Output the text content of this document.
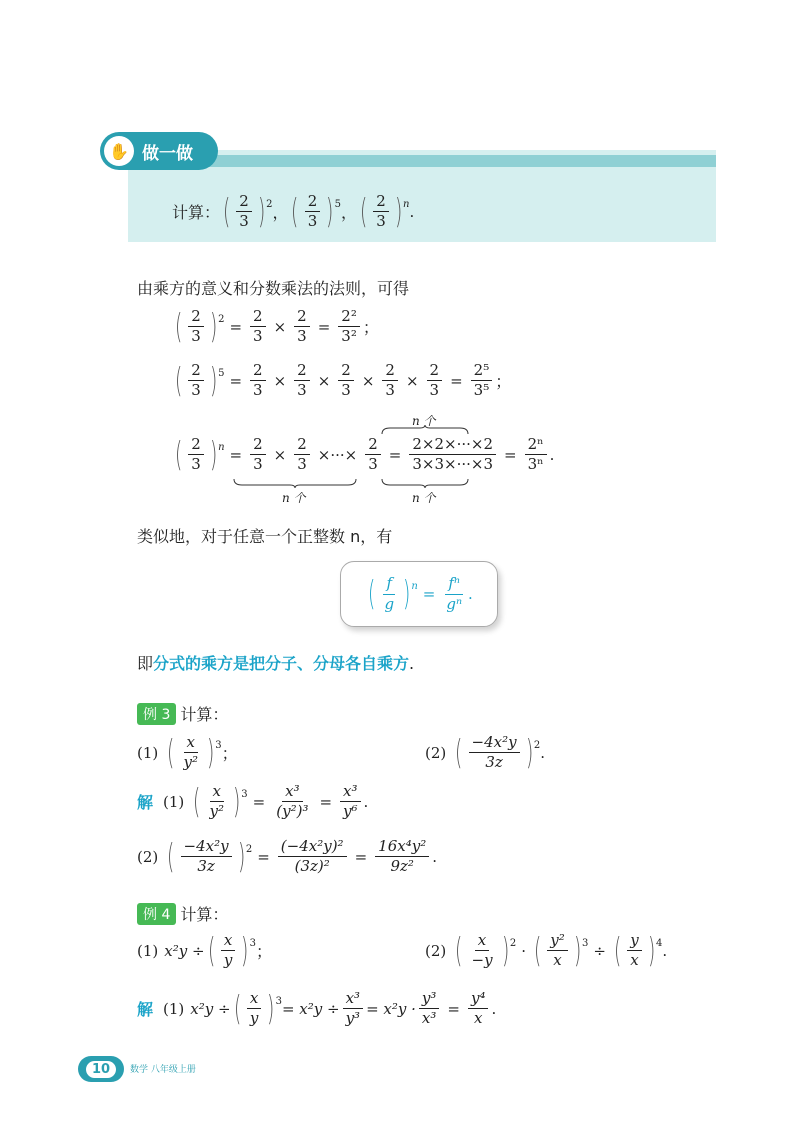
✋ 做一做
计算： ( $\frac{2}{3} )^2$ ， ( $\frac{2}{3} )^5$ ， ( $\frac{2}{3}$ ) $^n$ .
由乘方的意义和分数乘法的法则，可得
( $\frac{2}{3} )^2 = \frac{2}{3} \times \frac{2}{3} = \frac{\text{2²}}{\text{3²}}$ ；
( $\frac{2}{3} )^5 = \frac{2}{3} \times \frac{2}{3} \times \frac{2}{3} \times \frac{2}{3} \times \frac{2}{3} = \frac{\text{2⁵}}{\text{3⁵}}$ ；
n 个
( $\frac{2}{3}$ ) $^n = \frac{2}{3} \times \frac{2}{3}$ ×···× $\frac{2}{3} = \frac{2\times 2\times\cdot\cdot\cdot\times 2}{3\times 3\times\cdot\cdot\cdot\times 3} = \frac{\text{2ⁿ}}{\text{3ⁿ}}$ .
n 个	n 个
类似地，对于任意一个正整数 n，有
( $\frac{f}{g}$ ) $^n = \frac{\text{fⁿ}}{\text{gⁿ}}$ .
即分式的乘方是把分子、分母各自乘方.
例 3 计算：
(1) ( $\frac{x}{\text{y²}} )^3$ ；	(2) ( $\frac{\text{−4x²y}}{3z} )^2$ .
解 (1) ( $\frac{x}{\text{y²}} )^3 = \frac{\text{x³}}{\text{(y²)³}} = \frac{\text{x³}}{\text{y⁶}}$ .
(2) ( $\frac{\text{−4x²y}}{3z} )^2 = \frac{\text{(−4x²y)²}}{\text{(3z)²}} = \frac{\text{16x⁴y²}}{\text{9z²}}$ .
例 4 计算：
(1) x²y ÷ ( $\frac{x}{y} )^3$ ；	(2) ( $\frac{x}{-y} )^2$ · ( $\frac{\text{y²}}{x} )^3$ ÷ ( $\frac{y}{x} )^4$ .
解 (1) x²y ÷ ( $\frac{x}{y} )^3 = x^2y \div \frac{\text{x³}}{\text{y³}} = x^2y \cdot \frac{\text{y³}}{\text{x³}} = \frac{\text{y⁴}}{x}$ .
10	数学 八年级上册
